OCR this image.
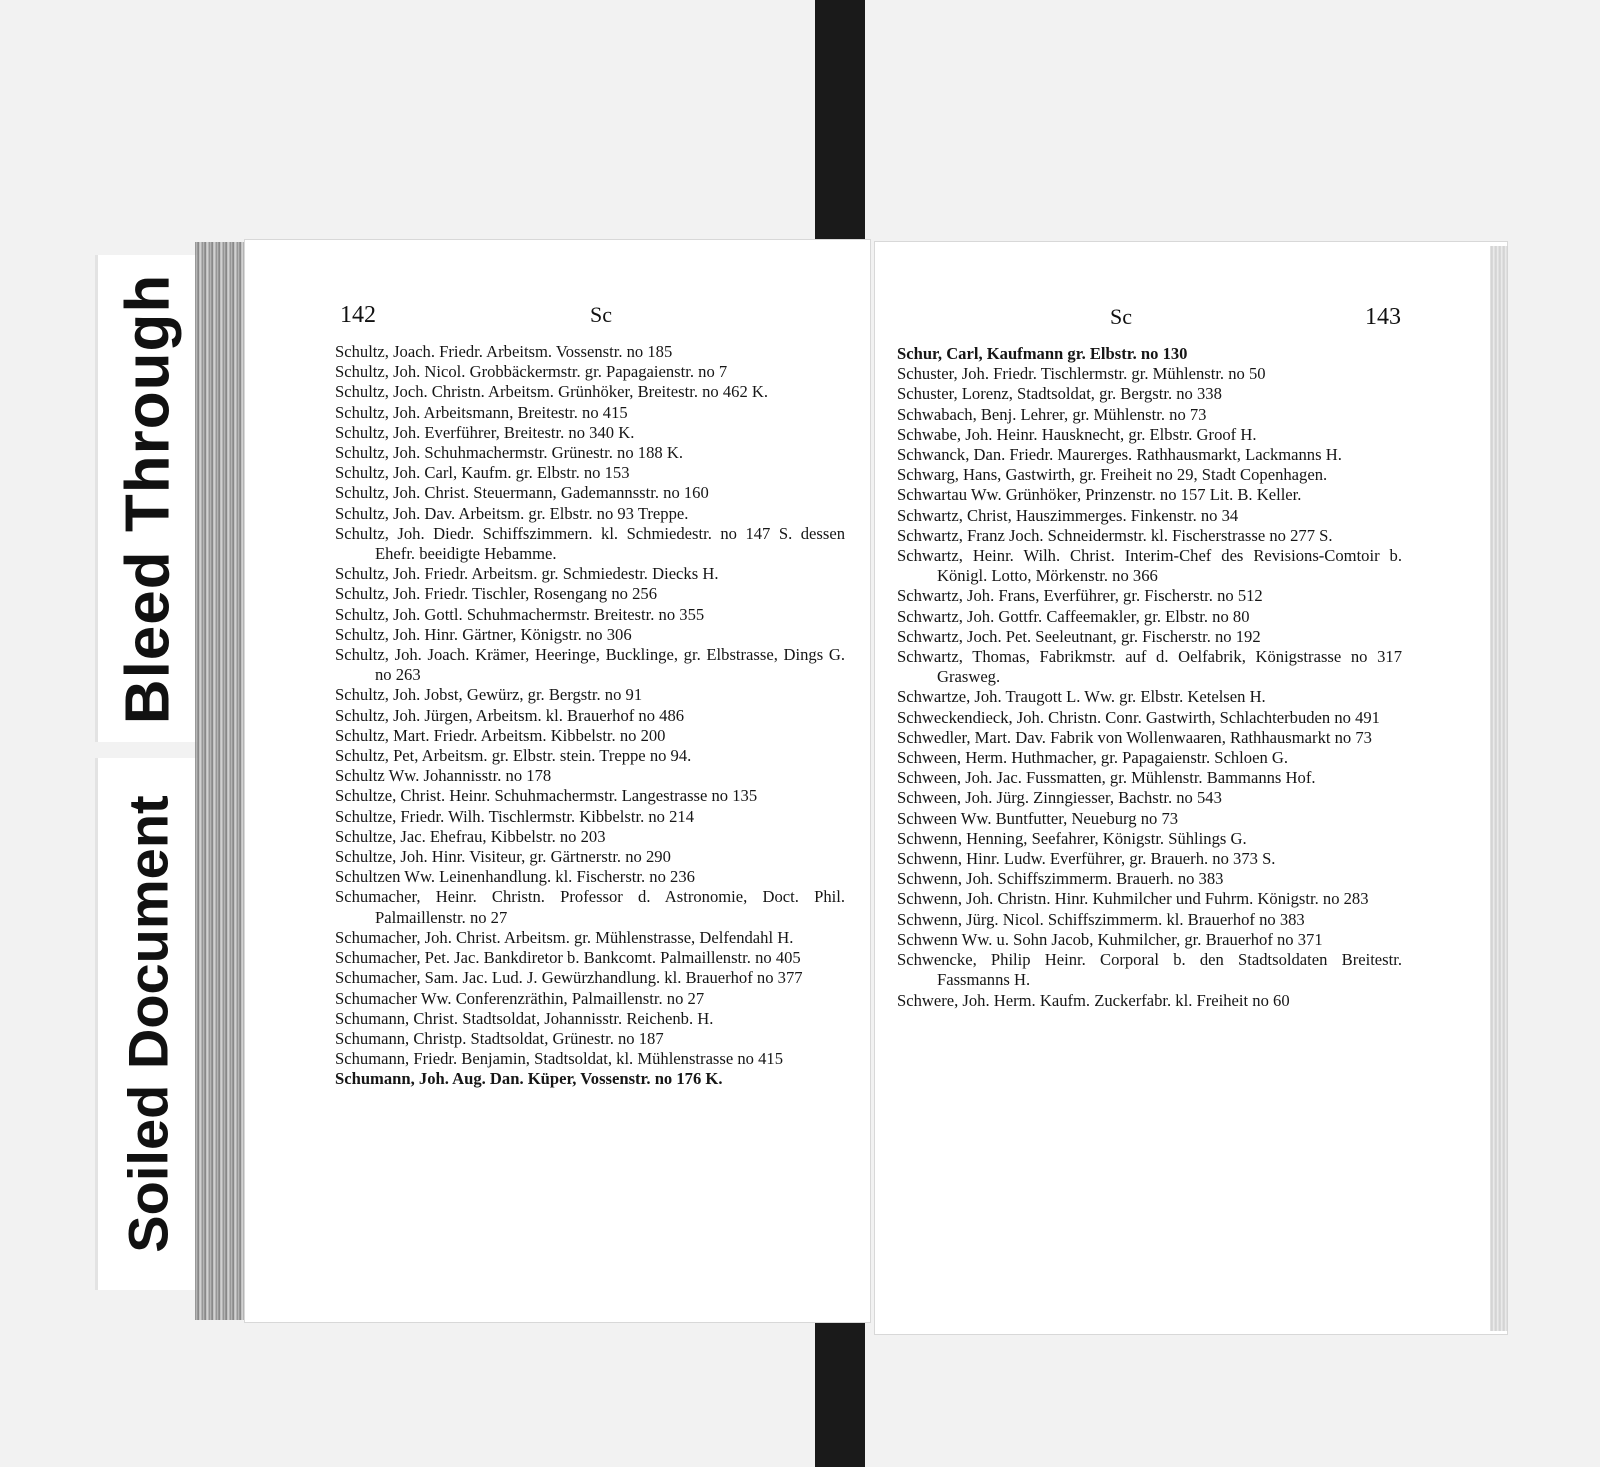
Bleed Through
Soiled Document
142	Sc

Schultz, Joach. Friedr. Arbeitsm. Vossenstr. no 185

Schultz, Joh. Nicol. Grobbäckermstr. gr. Papagaienstr. no 7

Schultz, Joch. Christn. Arbeitsm. Grünhöker, Breitestr. no 462 K.

Schultz, Joh. Arbeitsmann, Breitestr. no 415

Schultz, Joh. Everführer, Breitestr. no 340 K.

Schultz, Joh. Schuhmachermstr. Grünestr. no 188 K.

Schultz, Joh. Carl, Kaufm. gr. Elbstr. no 153

Schultz, Joh. Christ. Steuermann, Gademannsstr. no 160

Schultz, Joh. Dav. Arbeitsm. gr. Elbstr. no 93 Treppe.

Schultz, Joh. Diedr. Schiffszimmern. kl. Schmiedestr. no 147 S. dessen Ehefr. beeidigte Hebamme.

Schultz, Joh. Friedr. Arbeitsm. gr. Schmiedestr. Diecks H.

Schultz, Joh. Friedr. Tischler, Rosengang no 256

Schultz, Joh. Gottl. Schuhmachermstr. Breitestr. no 355

Schultz, Joh. Hinr. Gärtner, Königstr. no 306

Schultz, Joh. Joach. Krämer, Heeringe, Bucklinge, gr. Elbstrasse, Dings G. no 263

Schultz, Joh. Jobst, Gewürz, gr. Bergstr. no 91

Schultz, Joh. Jürgen, Arbeitsm. kl. Brauerhof no 486

Schultz, Mart. Friedr. Arbeitsm. Kibbelstr. no 200

Schultz, Pet, Arbeitsm. gr. Elbstr. stein. Treppe no 94.

Schultz Ww. Johannisstr. no 178

Schultze, Christ. Heinr. Schuhmachermstr. Langestrasse no 135

Schultze, Friedr. Wilh. Tischlermstr. Kibbelstr. no 214

Schultze, Jac. Ehefrau, Kibbelstr. no 203

Schultze, Joh. Hinr. Visiteur, gr. Gärtnerstr. no 290

Schultzen Ww. Leinenhandlung. kl. Fischerstr. no 236

Schumacher, Heinr. Christn. Professor d. Astronomie, Doct. Phil. Palmaillenstr. no 27

Schumacher, Joh. Christ. Arbeitsm. gr. Mühlenstrasse, Delfendahl H.

Schumacher, Pet. Jac. Bankdiretor b. Bankcomt. Palmaillenstr. no 405

Schumacher, Sam. Jac. Lud. J. Gewürzhandlung. kl. Brauerhof no 377

Schumacher Ww. Conferenzräthin, Palmaillenstr. no 27

Schumann, Christ. Stadtsoldat, Johannisstr. Reichenb. H.

Schumann, Christp. Stadtsoldat, Grünestr. no 187

Schumann, Friedr. Benjamin, Stadtsoldat, kl. Mühlenstrasse no 415

Schumann, Joh. Aug. Dan. Küper, Vossenstr. no 176 K.

Sc	143

Schur, Carl, Kaufmann gr. Elbstr. no 130

Schuster, Joh. Friedr. Tischlermstr. gr. Mühlenstr. no 50

Schuster, Lorenz, Stadtsoldat, gr. Bergstr. no 338

Schwabach, Benj. Lehrer, gr. Mühlenstr. no 73

Schwabe, Joh. Heinr. Hausknecht, gr. Elbstr. Groof H.

Schwanck, Dan. Friedr. Maurerges. Rathhausmarkt, Lackmanns H.

Schwarg, Hans, Gastwirth, gr. Freiheit no 29, Stadt Copenhagen.

Schwartau Ww. Grünhöker, Prinzenstr. no 157 Lit. B. Keller.

Schwartz, Christ, Hauszimmerges. Finkenstr. no 34

Schwartz, Franz Joch. Schneidermstr. kl. Fischerstrasse no 277 S.

Schwartz, Heinr. Wilh. Christ. Interim-Chef des Revisions-Comtoir b. Königl. Lotto, Mörkenstr. no 366

Schwartz, Joh. Frans, Everführer, gr. Fischerstr. no 512

Schwartz, Joh. Gottfr. Caffeemakler, gr. Elbstr. no 80

Schwartz, Joch. Pet. Seeleutnant, gr. Fischerstr. no 192

Schwartz, Thomas, Fabrikmstr. auf d. Oelfabrik, Königstrasse no 317 Grasweg.

Schwartze, Joh. Traugott L. Ww. gr. Elbstr. Ketelsen H.

Schweckendieck, Joh. Christn. Conr. Gastwirth, Schlachterbuden no 491

Schwedler, Mart. Dav. Fabrik von Wollenwaaren, Rathhausmarkt no 73

Schween, Herm. Huthmacher, gr. Papagaienstr. Schloen G.

Schween, Joh. Jac. Fussmatten, gr. Mühlenstr. Bammanns Hof.

Schween, Joh. Jürg. Zinngiesser, Bachstr. no 543

Schween Ww. Buntfutter, Neueburg no 73

Schwenn, Henning, Seefahrer, Königstr. Sühlings G.

Schwenn, Hinr. Ludw. Everführer, gr. Brauerh. no 373 S.

Schwenn, Joh. Schiffszimmerm. Brauerh. no 383

Schwenn, Joh. Christn. Hinr. Kuhmilcher und Fuhrm. Königstr. no 283

Schwenn, Jürg. Nicol. Schiffszimmerm. kl. Brauerhof no 383

Schwenn Ww. u. Sohn Jacob, Kuhmilcher, gr. Brauerhof no 371

Schwencke, Philip Heinr. Corporal b. den Stadtsoldaten Breitestr. Fassmanns H.

Schwere, Joh. Herm. Kaufm. Zuckerfabr. kl. Freiheit no 60
